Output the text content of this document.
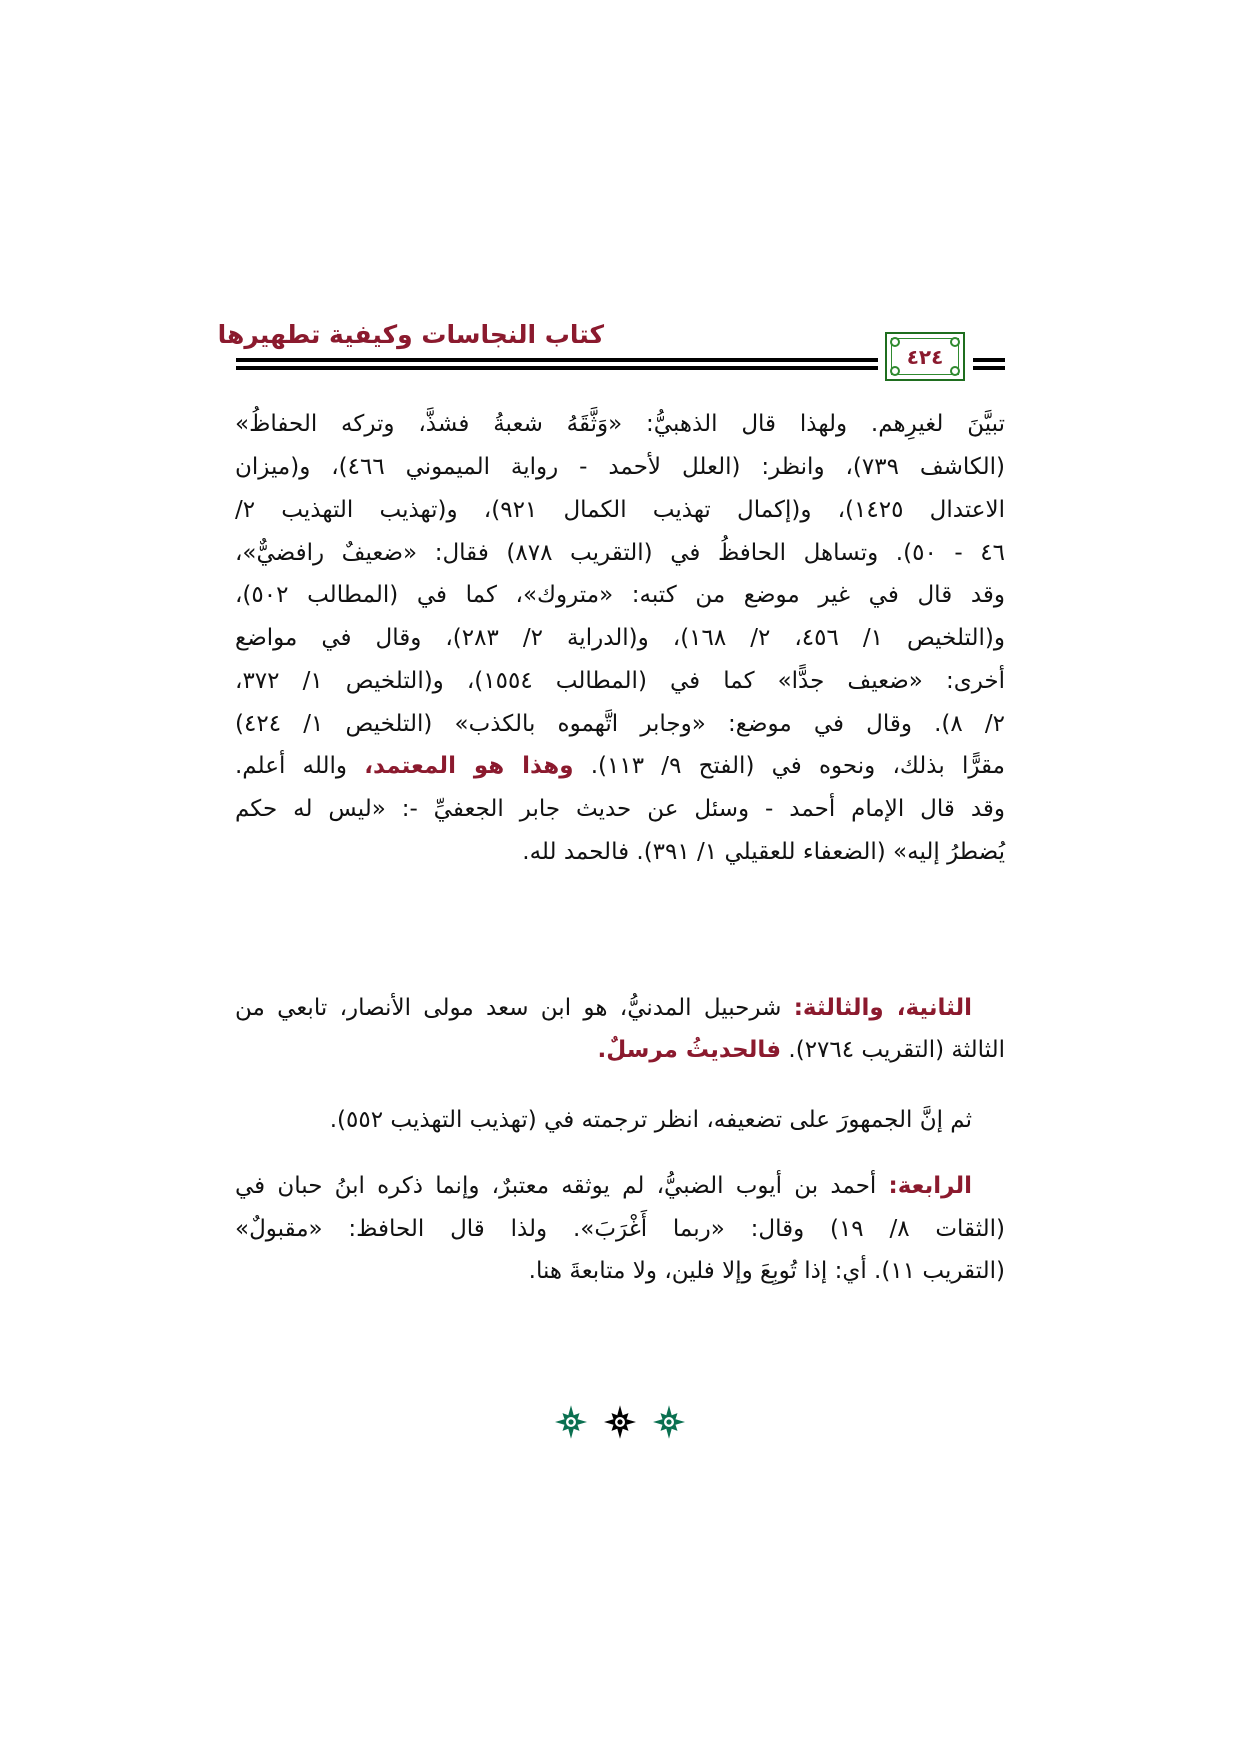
كتاب النجاسات وكيفية تطهيرها
٤٢٤
تبيَّنَ لغيرِهم. ولهذا قال الذهبيُّ: «وَثَّقَهُ شعبةُ فشذَّ، وتركه الحفاظُ»
(الكاشف ٧٣٩)، وانظر: (العلل لأحمد - رواية الميموني ٤٦٦)، و(ميزان
الاعتدال ١٤٢٥)، و(إكمال تهذيب الكمال ٩٢١)، و(تهذيب التهذيب ٢/
٤٦ - ٥٠). وتساهل الحافظُ في (التقريب ٨٧٨) فقال: «ضعيفٌ رافضيٌّ»،
وقد قال في غير موضع من كتبه: «متروك»، كما في (المطالب ٥٠٢)،
و(التلخيص ١/ ٤٥٦، ٢/ ١٦٨)، و(الدراية ٢/ ٢٨٣)، وقال في مواضع
أخرى: «ضعيف جدًّا» كما في (المطالب ١٥٥٤)، و(التلخيص ١/ ٣٧٢،
٢/ ٨). وقال في موضع: «وجابر اتَّهموه بالكذب» (التلخيص ١/ ٤٢٤)
مقرًّا بذلك، ونحوه في (الفتح ٩/ ١١٣). وهذا هو المعتمد، والله أعلم.
وقد قال الإمام أحمد - وسئل عن حديث جابر الجعفيِّ -: «ليس له حكم
يُضطرُ إليه» (الضعفاء للعقيلي ١/ ٣٩١). فالحمد لله.
الثانية، والثالثة: شرحبيل المدنيُّ، هو ابن سعد مولى الأنصار، تابعي من
الثالثة (التقريب ٢٧٦٤). فالحديثُ مرسلٌ.
ثم إنَّ الجمهورَ على تضعيفه، انظر ترجمته في (تهذيب التهذيب ٥٥٢).
الرابعة: أحمد بن أيوب الضبيُّ، لم يوثقه معتبرٌ، وإنما ذكره ابنُ حبان في
(الثقات ٨/ ١٩) وقال: «ربما أَغْرَبَ». ولذا قال الحافظ: «مقبولٌ»
(التقريب ١١). أي: إذا تُوبِعَ وإلا فلين، ولا متابعةَ هنا.
